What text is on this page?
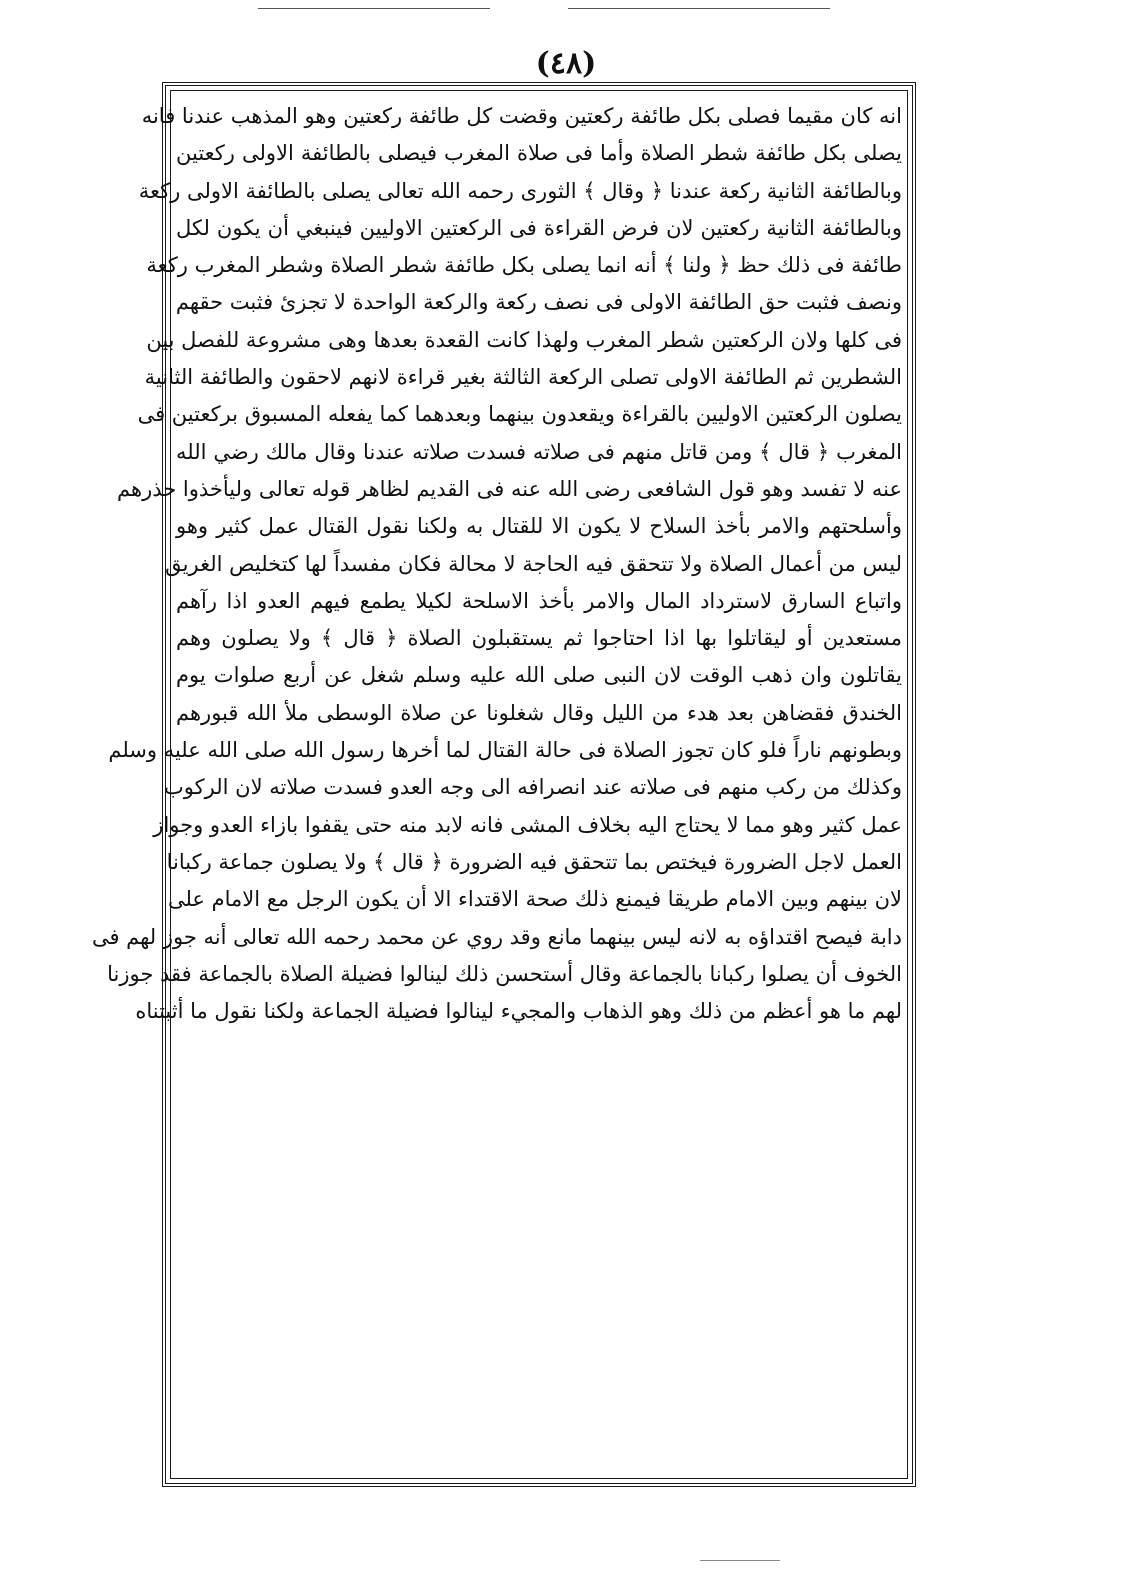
(٤٨)
انه كان مقيما فصلى بكل طائفة ركعتين وقضت كل طائفة ركعتين وهو المذهب عندنا فانه
يصلى بكل طائفة شطر الصلاة وأما فى صلاة المغرب فيصلى بالطائفة الاولى ركعتين
وبالطائفة الثانية ركعة عندنا ﴿ وقال ﴾ الثورى رحمه الله تعالى يصلى بالطائفة الاولى ركعة
وبالطائفة الثانية ركعتين لان فرض القراءة فى الركعتين الاوليين فينبغي أن يكون لكل
طائفة فى ذلك حظ ﴿ ولنا ﴾ أنه انما يصلى بكل طائفة شطر الصلاة وشطر المغرب ركعة
ونصف فثبت حق الطائفة الاولى فى نصف ركعة والركعة الواحدة لا تجزئ فثبت حقهم
فى كلها ولان الركعتين شطر المغرب ولهذا كانت القعدة بعدها وهى مشروعة للفصل بين
الشطرين ثم الطائفة الاولى تصلى الركعة الثالثة بغير قراءة لانهم لاحقون والطائفة الثانية
يصلون الركعتين الاوليين بالقراءة ويقعدون بينهما وبعدهما كما يفعله المسبوق بركعتين فى
المغرب ﴿ قال ﴾ ومن قاتل منهم فى صلاته فسدت صلاته عندنا وقال مالك رضي الله
عنه لا تفسد وهو قول الشافعى رضى الله عنه فى القديم لظاهر قوله تعالى وليأخذوا حذرهم
وأسلحتهم والامر بأخذ السلاح لا يكون الا للقتال به ولكنا نقول القتال عمل كثير وهو
ليس من أعمال الصلاة ولا تتحقق فيه الحاجة لا محالة فكان مفسداً لها كتخليص الغريق
واتباع السارق لاسترداد المال والامر بأخذ الاسلحة لكيلا يطمع فيهم العدو اذا رآهم
مستعدين أو ليقاتلوا بها اذا احتاجوا ثم يستقبلون الصلاة ﴿ قال ﴾ ولا يصلون وهم
يقاتلون وان ذهب الوقت لان النبى صلى الله عليه وسلم شغل عن أربع صلوات يوم
الخندق فقضاهن بعد هدء من الليل وقال شغلونا عن صلاة الوسطى ملأ الله قبورهم
وبطونهم ناراً فلو كان تجوز الصلاة فى حالة القتال لما أخرها رسول الله صلى الله عليه وسلم
وكذلك من ركب منهم فى صلاته عند انصرافه الى وجه العدو فسدت صلاته لان الركوب
عمل كثير وهو مما لا يحتاج اليه بخلاف المشى فانه لابد منه حتى يقفوا بازاء العدو وجواز
العمل لاجل الضرورة فيختص بما تتحقق فيه الضرورة ﴿ قال ﴾ ولا يصلون جماعة ركبانا
لان بينهم وبين الامام طريقا فيمنع ذلك صحة الاقتداء الا أن يكون الرجل مع الامام على
دابة فيصح اقتداؤه به لانه ليس بينهما مانع وقد روي عن محمد رحمه الله تعالى أنه جوز لهم فى
الخوف أن يصلوا ركبانا بالجماعة وقال أستحسن ذلك لينالوا فضيلة الصلاة بالجماعة فقد جوزنا
لهم ما هو أعظم من ذلك وهو الذهاب والمجيء لينالوا فضيلة الجماعة ولكنا نقول ما أثبتناه
